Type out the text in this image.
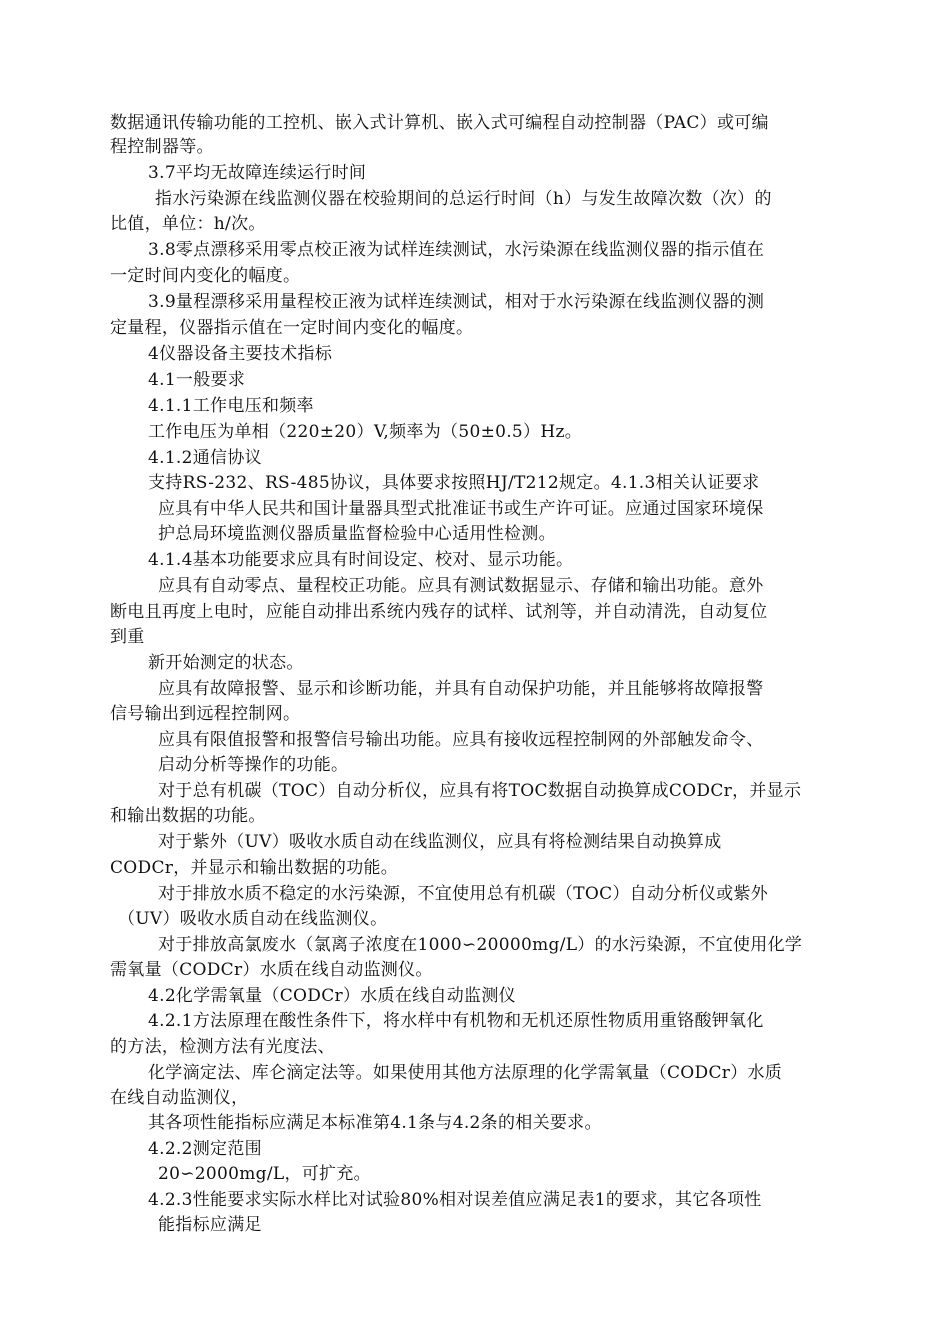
数据通讯传输功能的工控机、嵌入式计算机、嵌入式可编程自动控制器（PAC）或可编

程控制器等。

3.7平均无故障连续运行时间

指水污染源在线监测仪器在校验期间的总运行时间（h）与发生故障次数（次）的

比值，单位：h/次。

3.8零点漂移采用零点校正液为试样连续测试，水污染源在线监测仪器的指示值在

一定时间内变化的幅度。

3.9量程漂移采用量程校正液为试样连续测试，相对于水污染源在线监测仪器的测

定量程，仪器指示值在一定时间内变化的幅度。

4仪器设备主要技术指标

4.1一般要求

4.1.1工作电压和频率

工作电压为单相（220±20）V,频率为（50±0.5）Hz。

4.1.2通信协议

支持RS-232、RS-485协议，具体要求按照HJ/T212规定。4.1.3相关认证要求

应具有中华人民共和国计量器具型式批准证书或生产许可证。应通过国家环境保

护总局环境监测仪器质量监督检验中心适用性检测。

4.1.4基本功能要求应具有时间设定、校对、显示功能。

应具有自动零点、量程校正功能。应具有测试数据显示、存储和输出功能。意外

断电且再度上电时，应能自动排出系统内残存的试样、试剂等，并自动清洗，自动复位

到重

新开始测定的状态。

应具有故障报警、显示和诊断功能，并具有自动保护功能，并且能够将故障报警

信号输出到远程控制网。

应具有限值报警和报警信号输出功能。应具有接收远程控制网的外部触发命令、

启动分析等操作的功能。

对于总有机碳（TOC）自动分析仪，应具有将TOC数据自动换算成CODCr，并显示

和输出数据的功能。

对于紫外（UV）吸收水质自动在线监测仪，应具有将检测结果自动换算成

CODCr，并显示和输出数据的功能。

对于排放水质不稳定的水污染源，不宜使用总有机碳（TOC）自动分析仪或紫外

（UV）吸收水质自动在线监测仪。

对于排放高氯废水（氯离子浓度在1000∽20000mg/L）的水污染源，不宜使用化学

需氧量（CODCr）水质在线自动监测仪。

4.2化学需氧量（CODCr）水质在线自动监测仪

4.2.1方法原理在酸性条件下，将水样中有机物和无机还原性物质用重铬酸钾氧化

的方法，检测方法有光度法、

化学滴定法、库仑滴定法等。如果使用其他方法原理的化学需氧量（CODCr）水质

在线自动监测仪，

其各项性能指标应满足本标准第4.1条与4.2条的相关要求。

4.2.2测定范围

20∽2000mg/L，可扩充。

4.2.3性能要求实际水样比对试验80%相对误差值应满足表1的要求，其它各项性

能指标应满足
